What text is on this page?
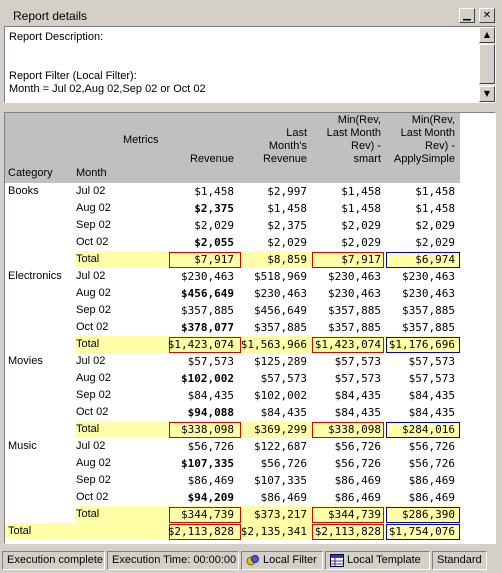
Report details	▁	✕
Report Description:
Report Filter (Local Filter):
Month = Jul 02,Aug 02,Sep 02 or Oct 02
▲
▼
Metrics
Category Month
Revenue
Last
Month's
Revenue
Min(Rev,
Last Month
Rev) -
smart
Min(Rev,
Last Month
Rev) -
ApplySimple
Books	Jul 02	$1,458	$2,997	$1,458	$1,458
Aug 02	$2,375	$1,458	$1,458	$1,458
Sep 02	$2,029	$2,375	$2,029	$2,029
Oct 02	$2,055	$2,029	$2,029	$2,029
Total	$7,917	$8,859	$7,917	$6,974
Electronics Jul 02	$230,463 $518,969 $230,463 $230,463
Aug 02	$456,649 $230,463 $230,463 $230,463
Sep 02	$357,885 $456,649 $357,885 $357,885
Oct 02	$378,077 $357,885 $357,885 $357,885
Total	$1,423,074 $1,563,966 $1,423,074 $1,176,696
Movies	Jul 02	$57,573 $125,289	$57,573	$57,573
Aug 02	$102,002 $57,573	$57,573	$57,573
Sep 02	$84,435 $102,002	$84,435	$84,435
Oct 02	$94,088 $84,435	$84,435	$84,435
Total	$338,098 $369,299 $338,098 $284,016
Music	Jul 02	$56,726 $122,687	$56,726	$56,726
Aug 02	$107,335 $56,726	$56,726	$56,726
Sep 02	$86,469 $107,335	$86,469	$86,469
Oct 02	$94,209 $86,469	$86,469	$86,469
Total	$344,739 $373,217 $344,739 $286,390
Total	$2,113,828 $2,135,341 $2,113,828 $1,754,076
Execution complete Execution Time: 00:00:00	Local Filter	Local Template	Standard
